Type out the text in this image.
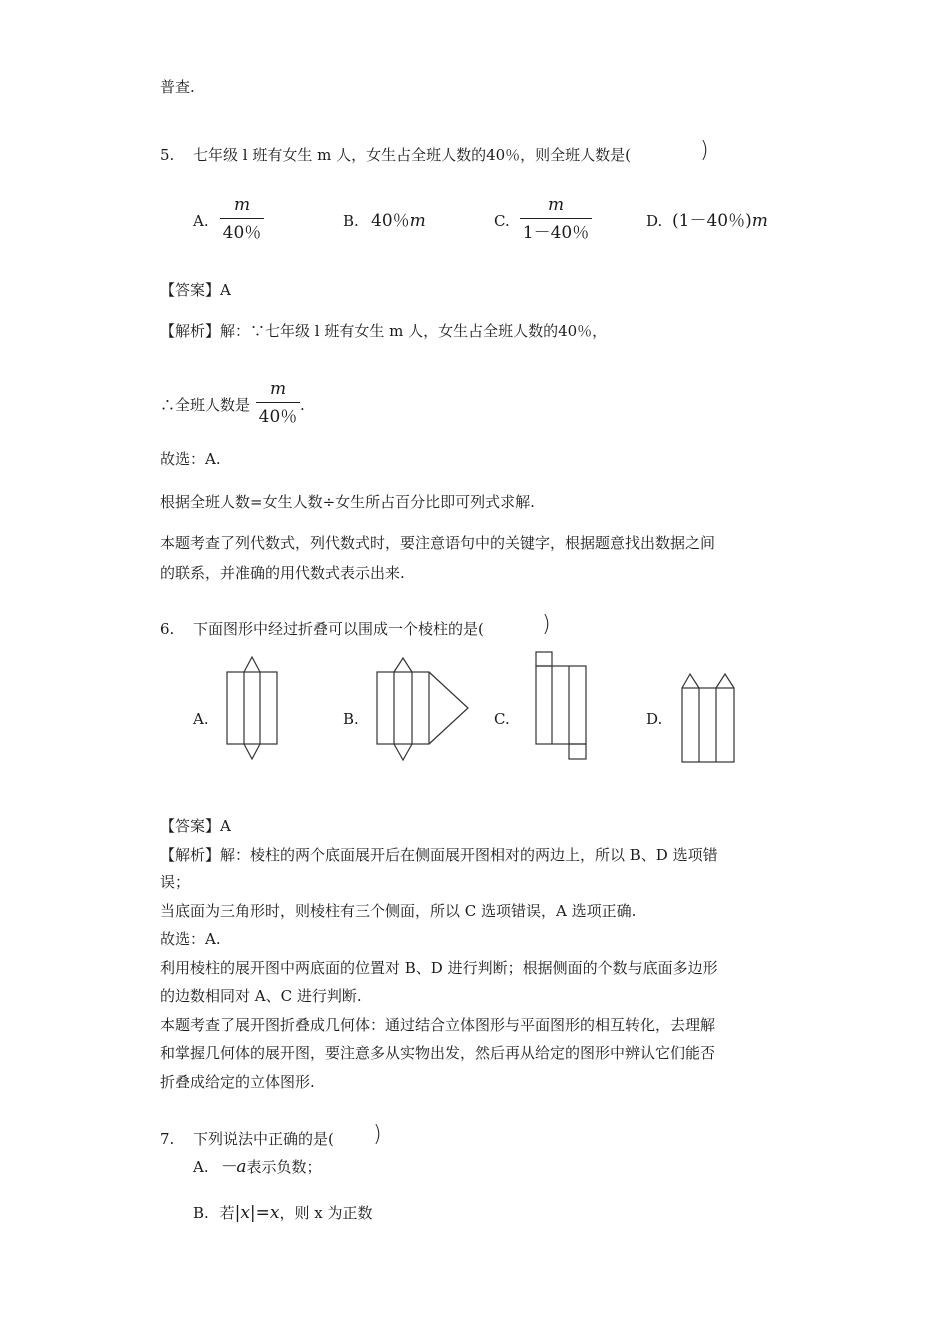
普查.
5. 七年级 l 班有女生 m 人，女生占全班人数的40％，则全班人数是(	)
A.
m
40％
B. 40％m	C.
m
1－40％
D. (1－40％)m
【答案】A
【解析】解：∵七年级 l 班有女生 m 人，女生占全班人数的40％，
∴全班人数是
m
40％
.
故选：A.
根据全班人数=女生人数÷女生所占百分比即可列式求解.
本题考查了列代数式，列代数式时，要注意语句中的关键字，根据题意找出数据之间
的联系，并准确的用代数式表示出来.
6. 下面图形中经过折叠可以围成一个棱柱的是(	)
A.	B.	C.	D.
【答案】A
【解析】解：棱柱的两个底面展开后在侧面展开图相对的两边上，所以 B、D 选项错
误；
当底面为三角形时，则棱柱有三个侧面，所以 C 选项错误，A 选项正确.
故选：A.
利用棱柱的展开图中两底面的位置对 B、D 进行判断；根据侧面的个数与底面多边形
的边数相同对 A、C 进行判断.
本题考查了展开图折叠成几何体：通过结合立体图形与平面图形的相互转化，去理解
和掌握几何体的展开图，要注意多从实物出发，然后再从给定的图形中辨认它们能否
折叠成给定的立体图形.
7. 下列说法中正确的是( )
A. －a表示负数；
B. 若|x|=x，则 x 为正数
